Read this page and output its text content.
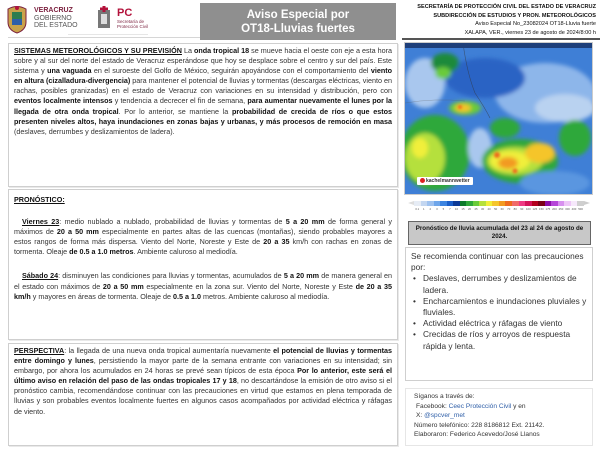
VERACRUZ
GOBIERNO
DEL ESTADO
PC
Secretaría de
Protección Civil
Aviso Especial por
OT18-Lluvias fuertes
SECRETARÍA DE PROTECCIÓN CIVIL DEL ESTADO DE VERACRUZ
SUBDIRECCIÓN DE ESTUDIOS Y PRON. METEOROLÓGICOS
Aviso Especial No_23082024 OT18-Lluvia fuerte
XALAPA, VER., viernes 23 de agosto de 2024/8:00 h
SISTEMAS METEOROLÓGICOS Y SU PREVISIÓN La onda tropical 18 se mueve hacia el oeste con eje a esta hora sobre y al sur del norte del estado de Veracruz esperándose que hoy se desplace sobre el centro y sur del país. Este sistema y una vaguada en el suroeste del Golfo de México, seguirán apoyándose con el comportamiento del viento en altura (cizalladura-divergencia) para mantener el potencial de lluvias y tormentas (descargas eléctricas, viento en rachas, posibles granizadas) en el estado de Veracruz con variaciones en su intensidad y distribución, pero con eventos localmente intensos y tendencia a decrecer el fin de semana, para aumentar nuevamente el lunes por la llegada de otra onda tropical. Por lo anterior, se mantiene la probabilidad de crecida de ríos o que estos presenten niveles altos, haya inundaciones en zonas bajas y urbanas, y más procesos de remoción en masa (deslaves, derrumbes y deslizamientos de ladera).
PRONÓSTICO:
Viernes 23: medio nublado a nublado, probabilidad de lluvias y tormentas de 5 a 20 mm de forma general y máximos de 20 a 50 mm especialmente en partes altas de las cuencas (montañas), siendo probables mayores a estos rangos de forma más dispersa. Viento del Norte, Noreste y Este de 20 a 35 km/h con rachas en zonas de tormenta. Oleaje de 0.5 a 1.0 metros. Ambiente caluroso al mediodía.
Sábado 24: disminuyen las condiciones para lluvias y tormentas, acumulados de 5 a 20 mm de manera general en el estado con máximos de 20 a 50 mm especialmente en la zona sur. Viento del Norte, Noreste y Este de 20 a 35 km/h y mayores en áreas de tormenta. Oleaje de 0.5 a 1.0 metros. Ambiente caluroso al mediodía.
PERSPECTIVA: la llegada de una nueva onda tropical aumentaría nuevamente el potencial de lluvias y tormentas entre domingo y lunes, persistiendo la mayor parte de la semana entrante con variaciones en su intensidad; sin embargo, por ahora los acumulados en 24 horas se prevé sean típicos de esta época Por lo anterior, este será el último aviso en relación del paso de las ondas tropicales 17 y 18, no descartándose la emisión de otro aviso si el pronóstico cambia, recomendándose continuar con las precauciones en virtud que estamos en plena temporada de lluvias y son probables eventos localmente fuertes en algunos casos acompañados por actividad eléctrica y ráfagas de viento.
kachelmannwetter
0.1	1	2	3	5	7	10	15	20	25	30	40	50	60	70	80	90 100 125 150 175 200 250 300 400 500
Pronóstico de lluvia acumulada del 23 al 24 de agosto de 2024.
Se recomienda continuar con las precauciones por:
• Deslaves, derrumbes y deslizamientos de ladera.
• Encharcamientos e inundaciones pluviales y fluviales.
• Actividad eléctrica y ráfagas de viento
• Crecidas de ríos y arroyos de respuesta rápida y lenta.
Síganos a través de:
Facebook: Ceec Protección Civil y en
X: @spcver_met
Número telefónico: 228 8186812 Ext. 21142.
Elaboraron: Federico Acevedo/José Llanos
